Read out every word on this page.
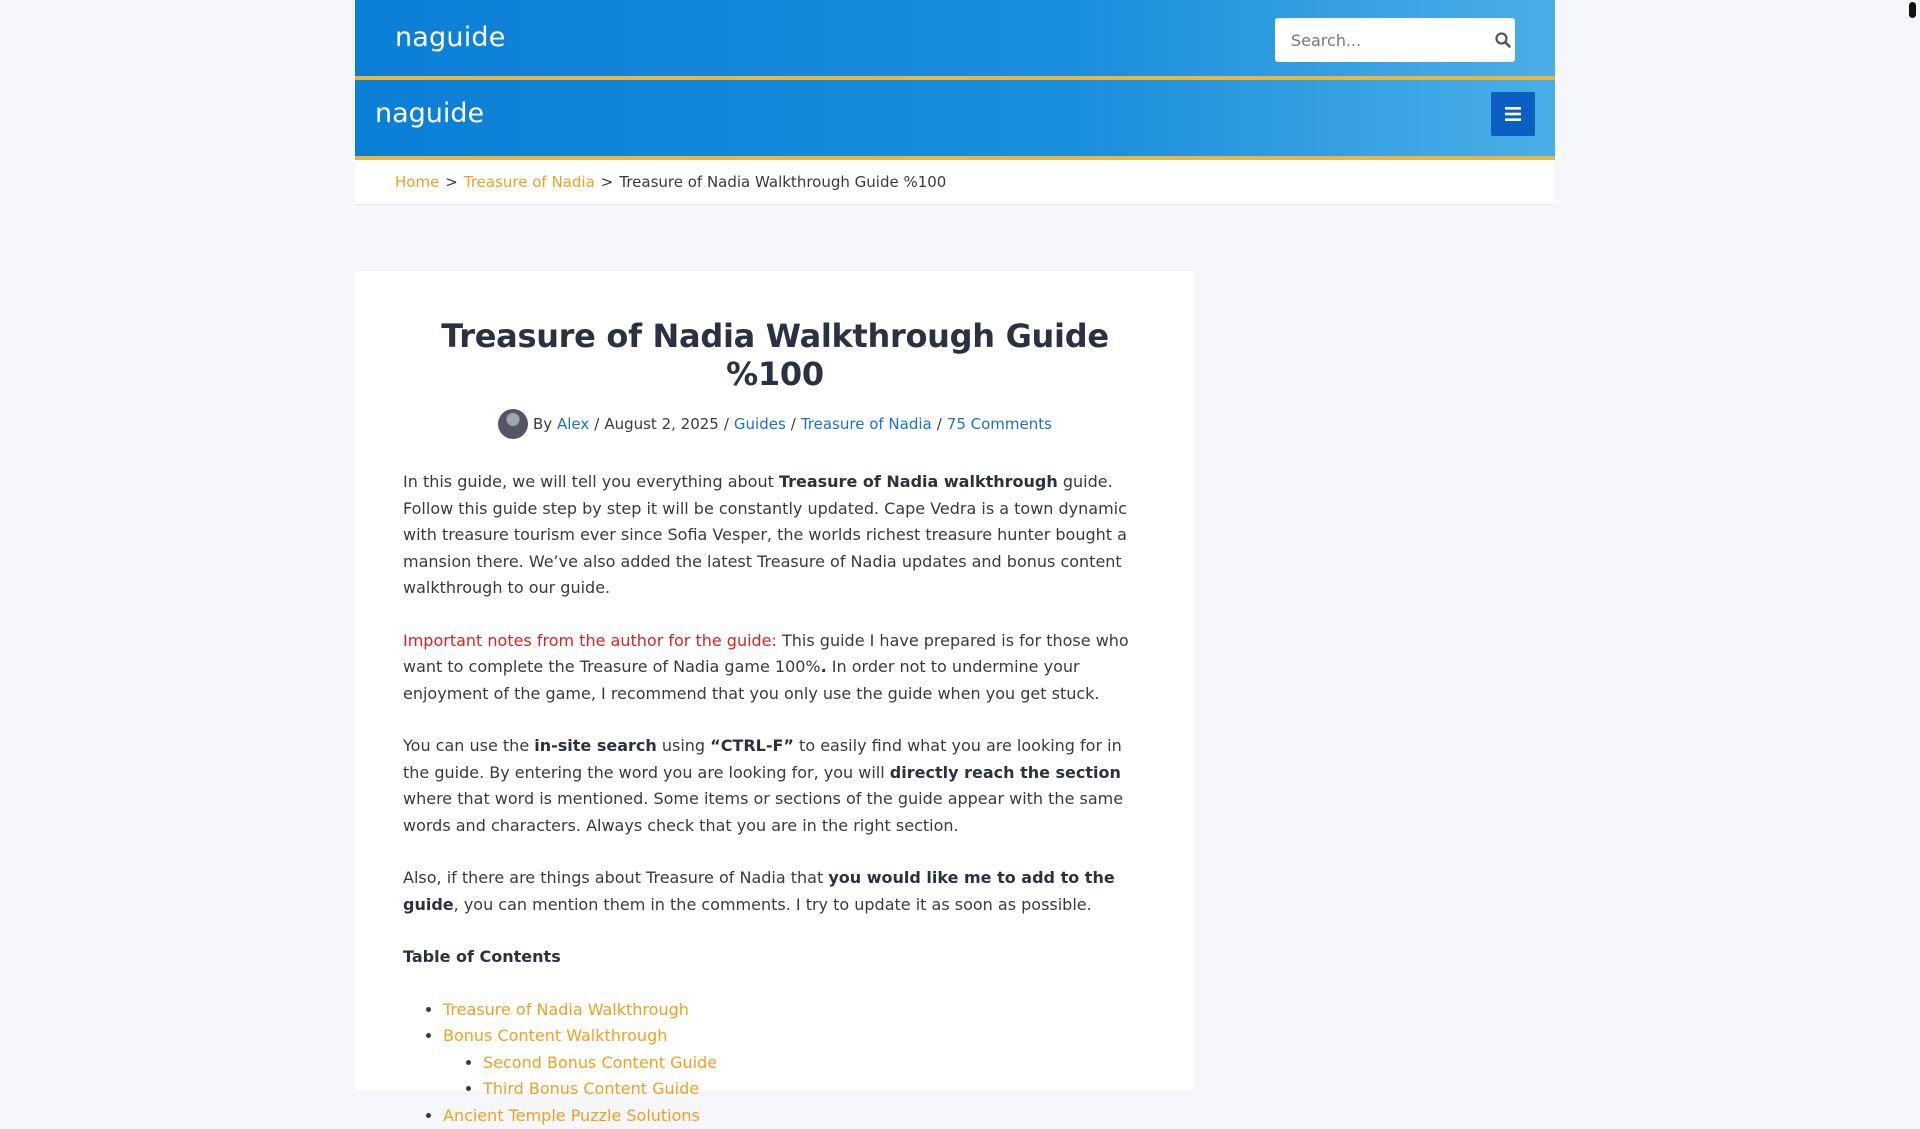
naguide
Search...
naguide
Home > Treasure of Nadia > Treasure of Nadia Walkthrough Guide %100
Treasure of Nadia Walkthrough Guide %100
By
Alex / August 2, 2025 / Guides / Treasure of Nadia / 75 Comments

In this guide, we will tell you everything about Treasure of Nadia walkthrough guide. Follow this guide step by step it will be constantly updated. Cape Vedra is a town dynamic with treasure tourism ever since Sofia Vesper, the worlds richest treasure hunter bought a mansion there. We’ve also added the latest Treasure of Nadia updates and bonus content walkthrough to our guide.

Important notes from the author for the guide: This guide I have prepared is for those who want to complete the Treasure of Nadia game 100%. In order not to undermine your enjoyment of the game, I recommend that you only use the guide when you get stuck.

You can use the in-site search using “CTRL-F” to easily find what you are looking for in the guide. By entering the word you are looking for, you will directly reach the section where that word is mentioned. Some items or sections of the guide appear with the same words and characters. Always check that you are in the right section.

Also, if there are things about Treasure of Nadia that you would like me to add to the guide, you can mention them in the comments. I try to update it as soon as possible.

Table of Contents
• Treasure of Nadia Walkthrough
• Bonus Content Walkthrough
• Second Bonus Content Guide
• Third Bonus Content Guide
• Ancient Temple Puzzle Solutions
